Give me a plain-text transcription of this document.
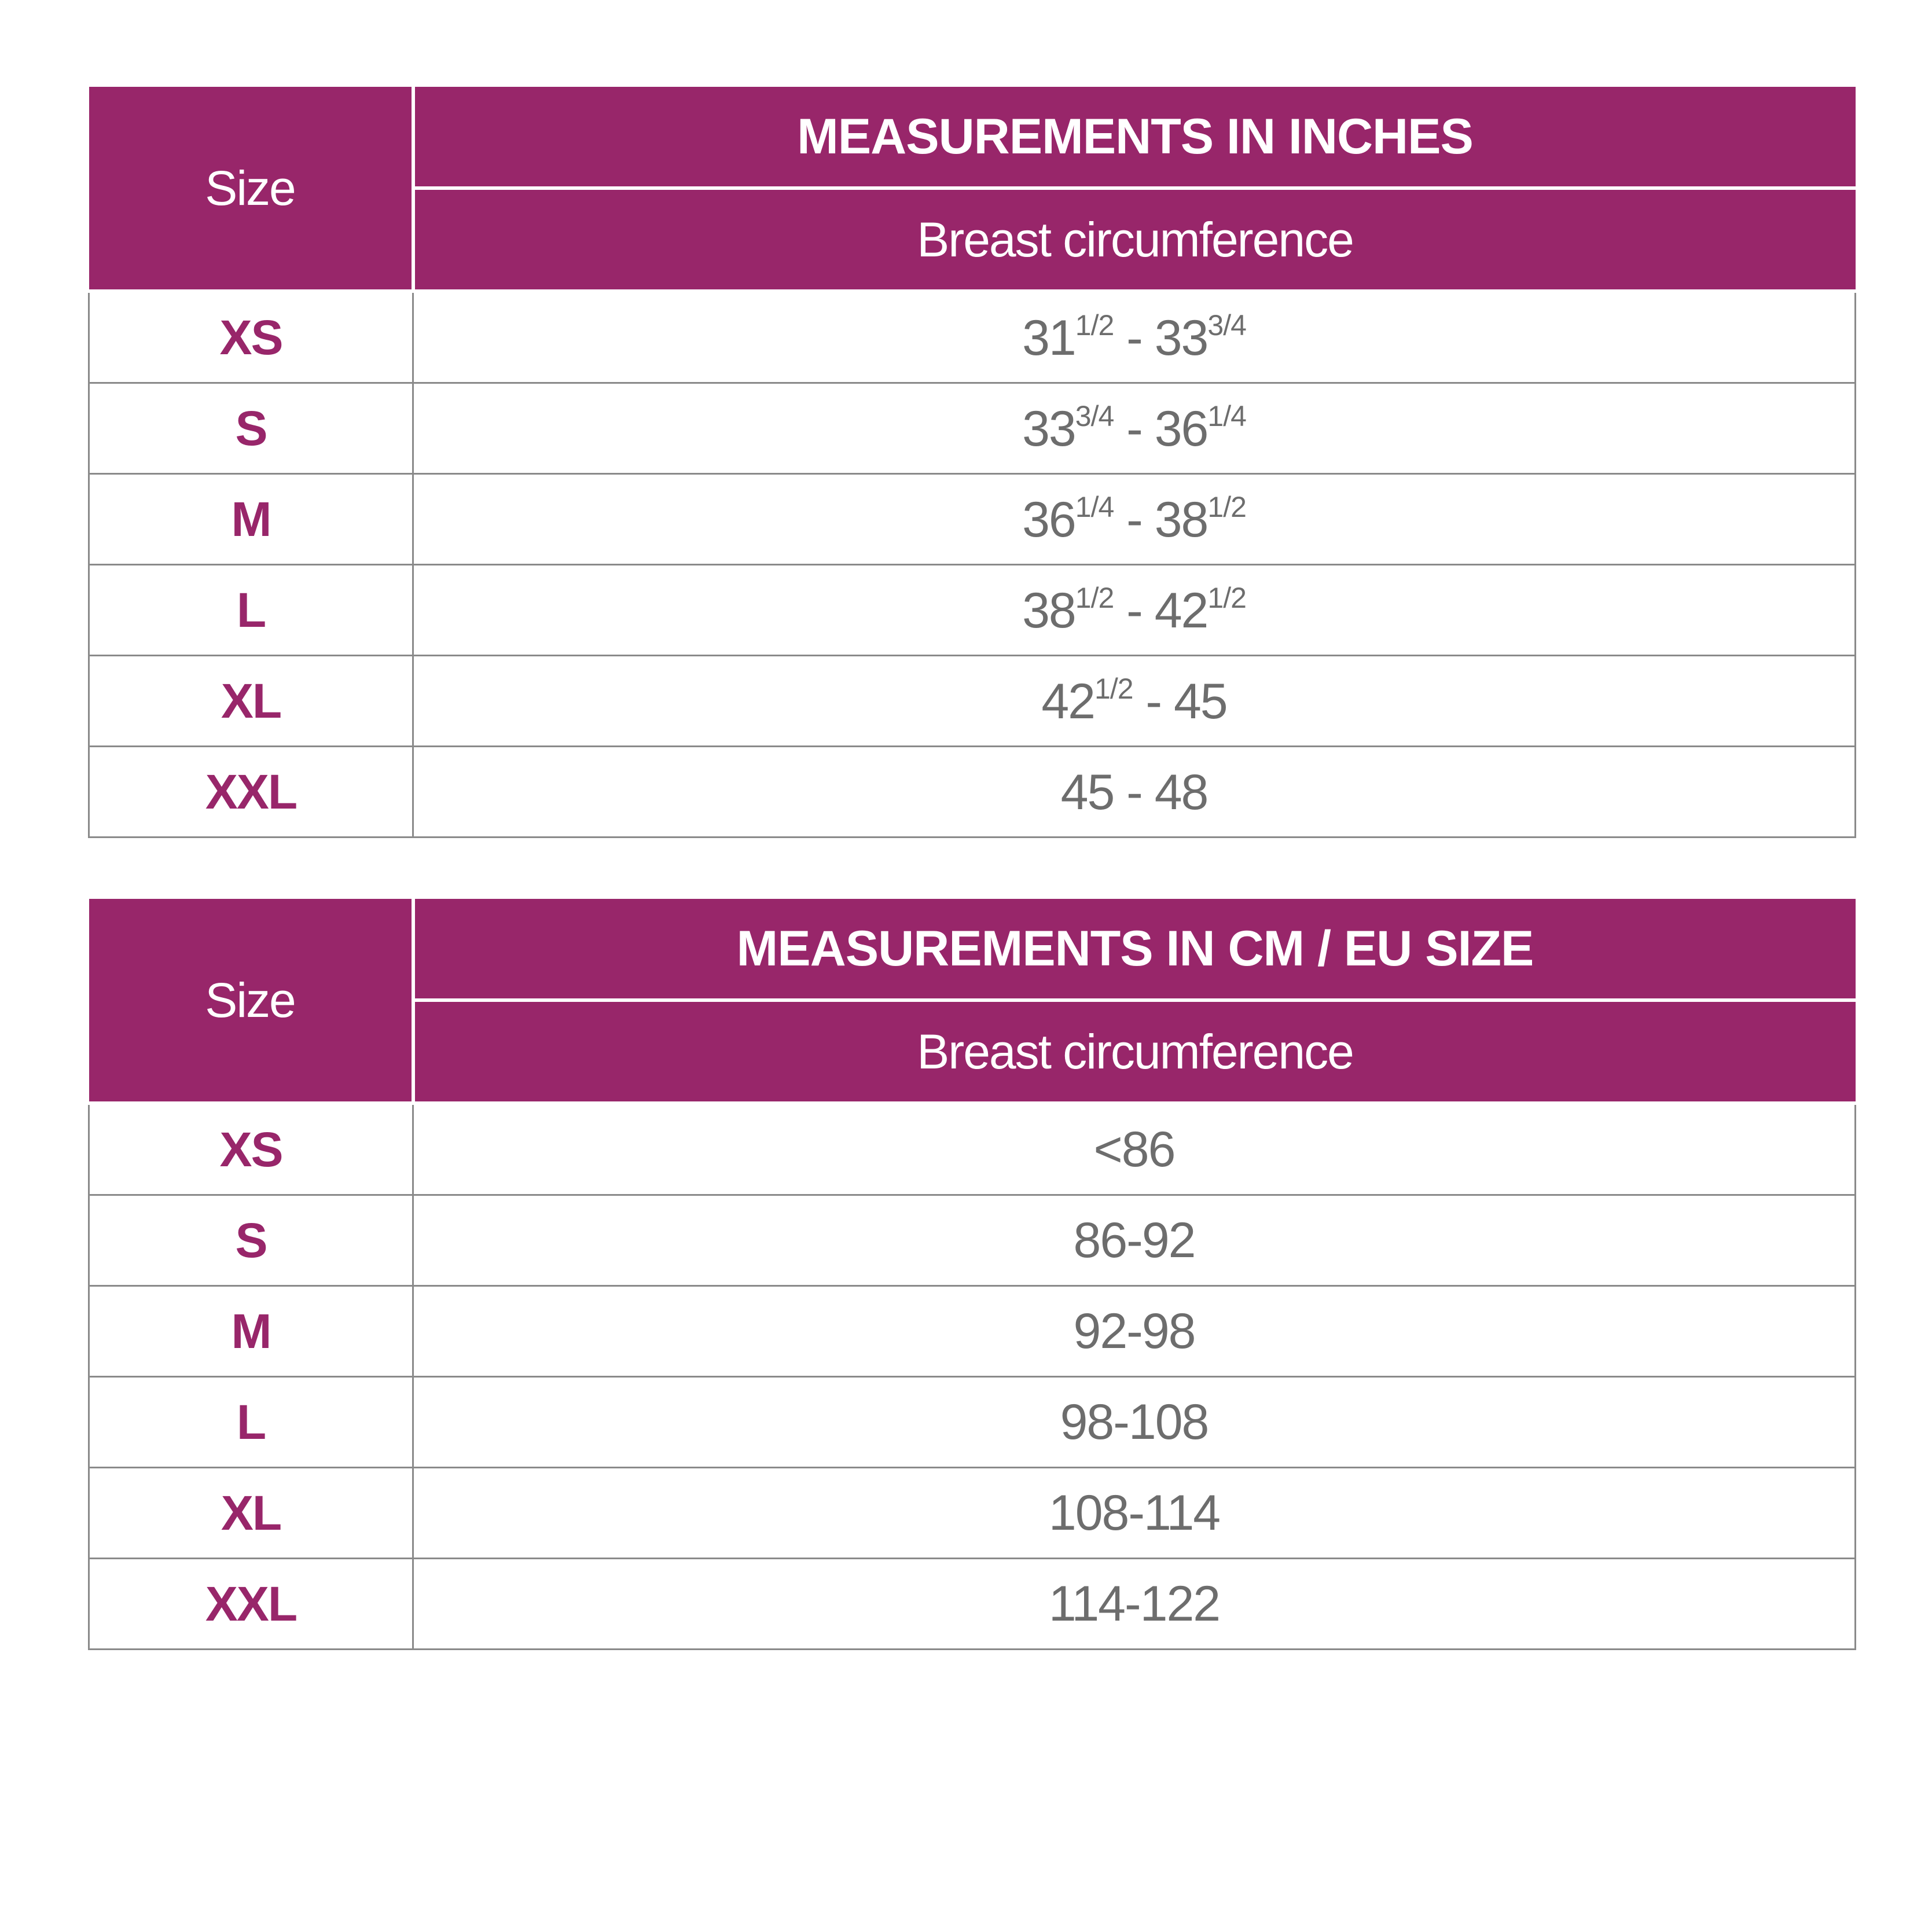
Size	MEASUREMENTS IN INCHES
	Breast circumference
XS	$31^{1/2} - 33^{3/4}$
S	$33^{3/4} - 36^{1/4}$
M	$36^{1/4} - 38^{1/2}$
L	$38^{1/2} - 42^{1/2}$
XL	$42^{1/2} - 45$
XXL	45 - 48
Size	MEASUREMENTS IN CM / EU SIZE
	Breast circumference
XS	<86
S	86-92
M	92-98
L	98-108
XL	108-114
XXL	114-122
